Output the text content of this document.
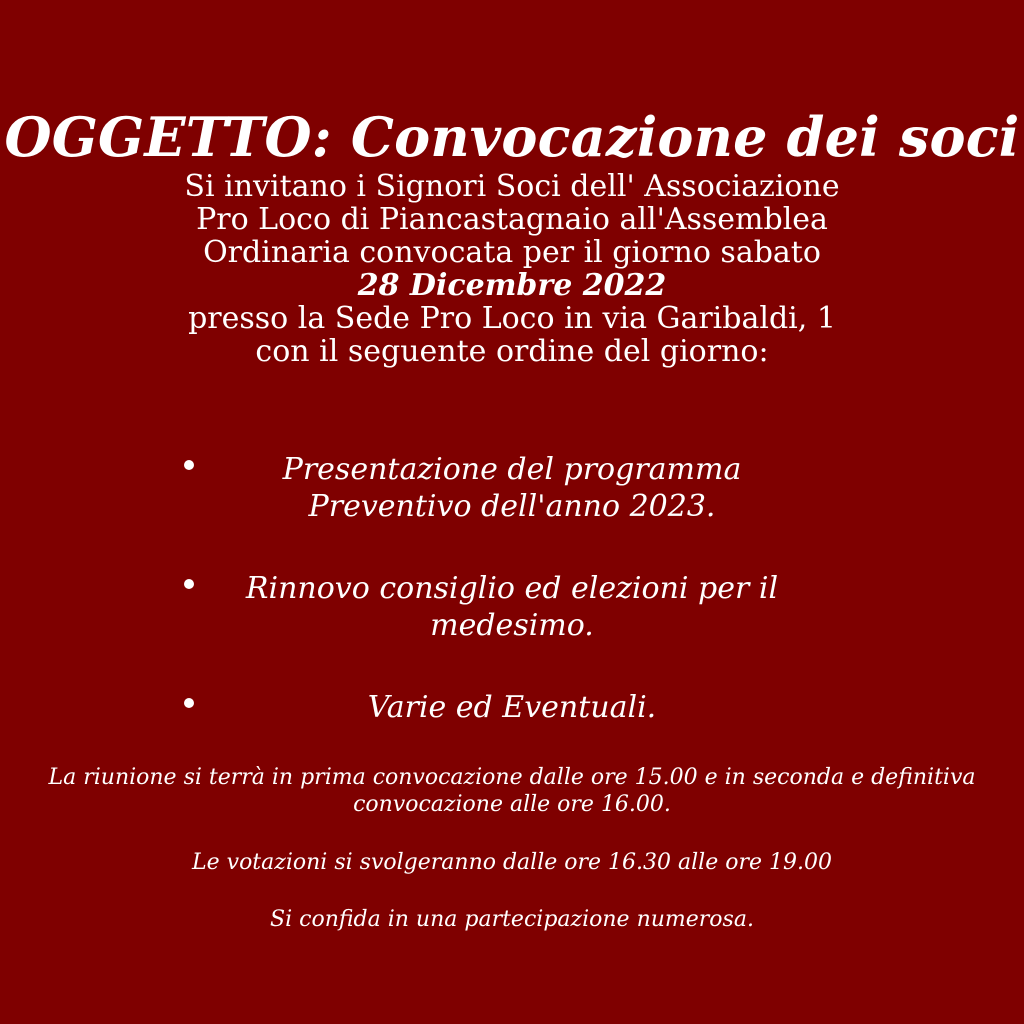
OGGETTO: Convocazione dei soci
Si invitano i Signori Soci dell' Associazione
Pro Loco di Piancastagnaio all'Assemblea
Ordinaria convocata per il giorno sabato
28 Dicembre 2022
presso la Sede Pro Loco in via Garibaldi, 1
con il seguente ordine del giorno:
Presentazione del programma
Preventivo dell'anno 2023.
Rinnovo consiglio ed elezioni per il
medesimo.
Varie ed Eventuali.

La riunione si terrà in prima convocazione dalle ore 15.00 e in seconda e definitiva convocazione alle ore 16.00.

Le votazioni si svolgeranno dalle ore 16.30 alle ore 19.00

Si confida in una partecipazione numerosa.
